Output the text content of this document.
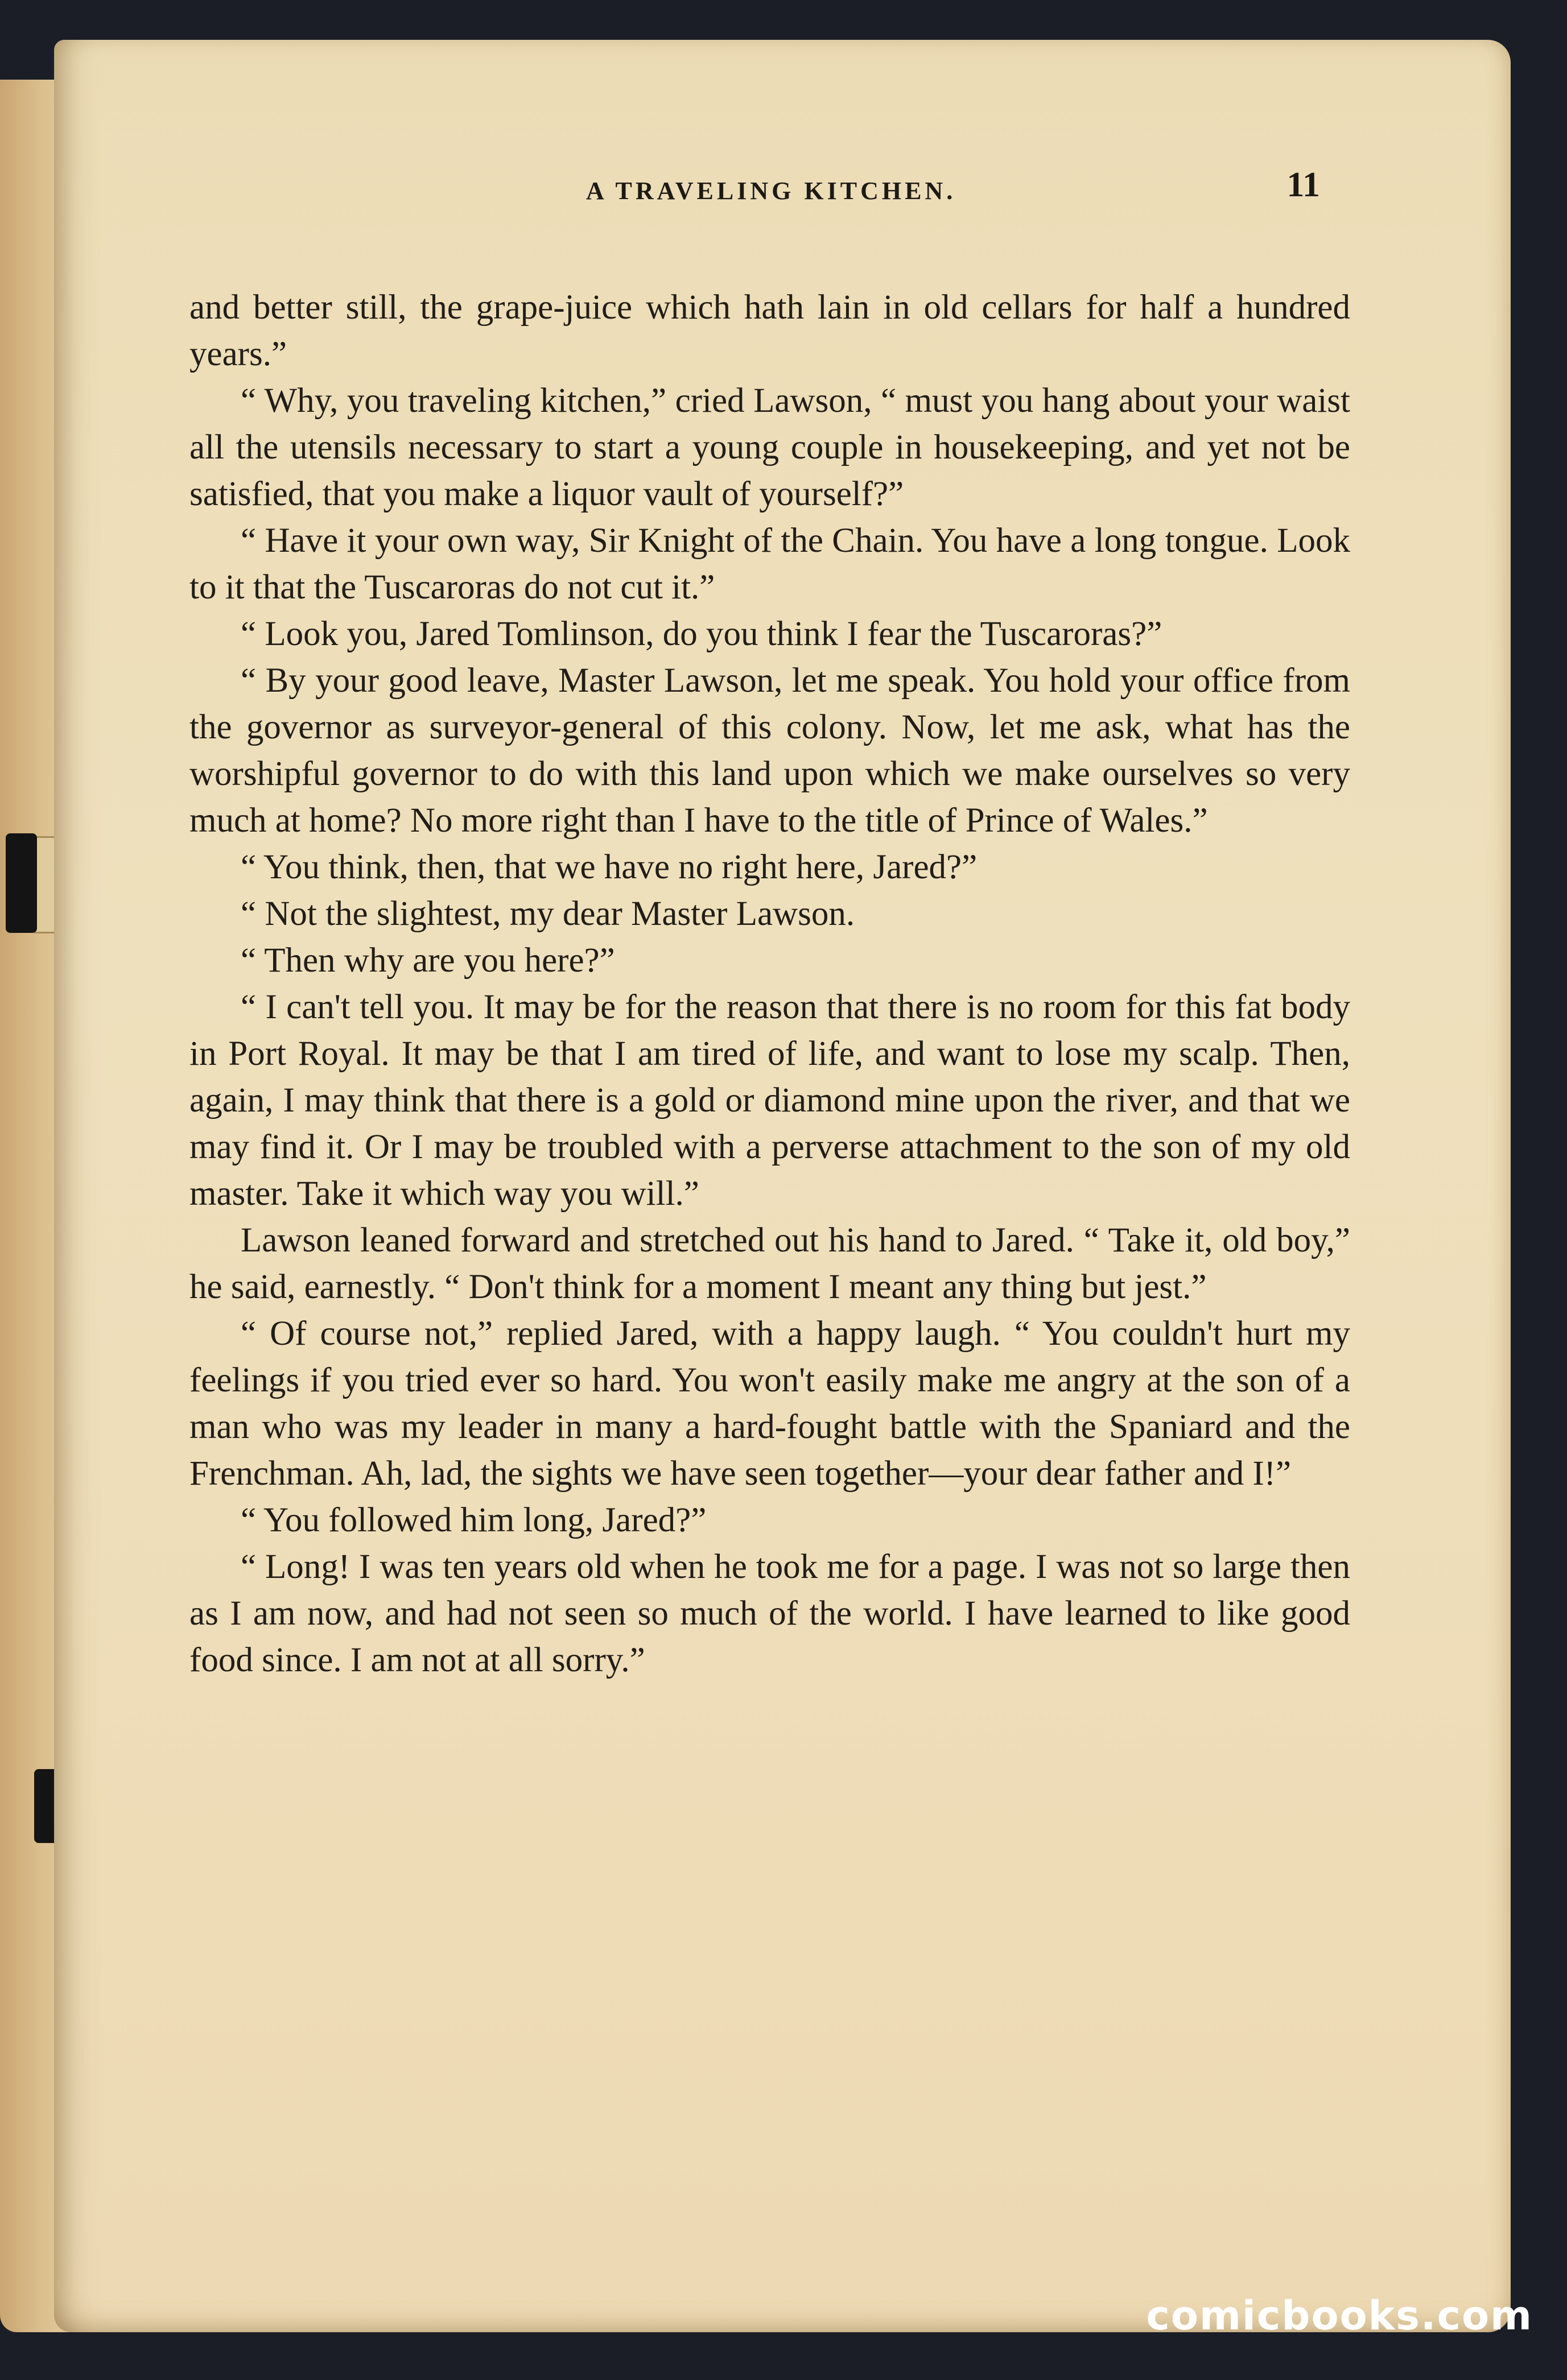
A TRAVELING KITCHEN.	11

and better still, the grape-juice which hath lain in old cellars for half a hundred years.”

“ Why, you traveling kitchen,” cried Lawson, “ must you hang about your waist all the utensils necessary to start a young couple in housekeeping, and yet not be satisfied, that you make a liquor vault of yourself?”

“ Have it your own way, Sir Knight of the Chain. You have a long tongue. Look to it that the Tuscaroras do not cut it.”

“ Look you, Jared Tomlinson, do you think I fear the Tuscaroras?”

“ By your good leave, Master Lawson, let me speak. You hold your office from the governor as surveyor-general of this colony. Now, let me ask, what has the worshipful governor to do with this land upon which we make ourselves so very much at home? No more right than I have to the title of Prince of Wales.”

“ You think, then, that we have no right here, Jared?”

“ Not the slightest, my dear Master Lawson.

“ Then why are you here?”

“ I can't tell you. It may be for the reason that there is no room for this fat body in Port Royal. It may be that I am tired of life, and want to lose my scalp. Then, again, I may think that there is a gold or diamond mine upon the river, and that we may find it. Or I may be troubled with a perverse attachment to the son of my old master. Take it which way you will.”

Lawson leaned forward and stretched out his hand to Jared. “ Take it, old boy,” he said, earnestly. “ Don't think for a moment I meant any thing but jest.”

“ Of course not,” replied Jared, with a happy laugh. “ You couldn't hurt my feelings if you tried ever so hard. You won't easily make me angry at the son of a man who was my leader in many a hard-fought battle with the Spaniard and the Frenchman. Ah, lad, the sights we have seen together—your dear father and I!”

“ You followed him long, Jared?”

“ Long! I was ten years old when he took me for a page. I was not so large then as I am now, and had not seen so much of the world. I have learned to like good food since. I am not at all sorry.”

comicbooks.com
